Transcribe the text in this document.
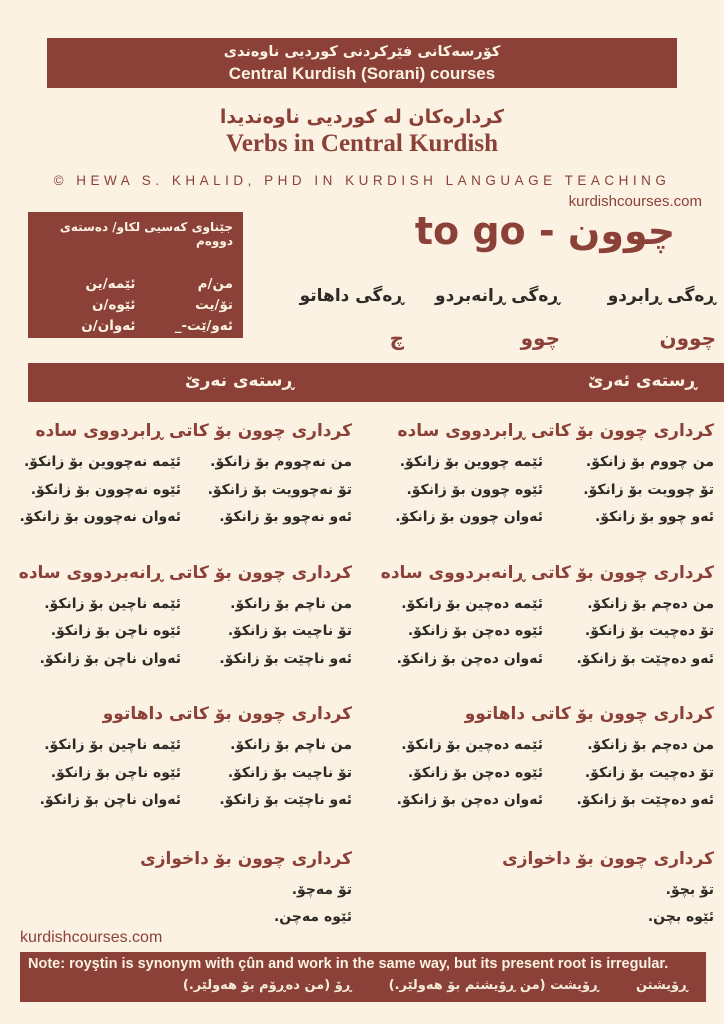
کۆرسەکانی فێرکردنی کوردیی ناوەندی
Central Kurdish (Sorani) courses
کردارەکان لە کوردیی ناوەندیدا
Verbs in Central Kurdish
© HEWA S. KHALID, PHD IN KURDISH LANGUAGE TEACHING
kurdishcourses.com
جێناوی کەسیی لکاو/ دەستەی دووەم
من/م
ئێمه/ین
تۆ/یت
ئێوه/ن
ئەو/ێت-_
ئەوان/ن
چوون - to go
ڕەگی ڕابردو
چوون
ڕەگی ڕانەبردو
چوو
ڕەگی داهاتو
چ
ڕستەی ئەرێ
ڕستەی نەرێ
کرداری چوون بۆ کاتی ڕابردووی ساده
من چووم بۆ زانکۆ.
ئێمه چووین بۆ زانکۆ.
تۆ چوویت بۆ زانکۆ.
ئێوه چوون بۆ زانکۆ.
ئەو چوو بۆ زانکۆ.
ئەوان چوون بۆ زانکۆ.
کرداری چوون بۆ کاتی ڕابردووی ساده
من نەچووم بۆ زانکۆ.
ئێمه نەچووین بۆ زانکۆ.
تۆ نەچوویت بۆ زانکۆ.
ئێوه نەچوون بۆ زانکۆ.
ئەو نەچوو بۆ زانکۆ.
ئەوان نەچوون بۆ زانکۆ.
کرداری چوون بۆ کاتی ڕانەبردووی ساده
من دەچم بۆ زانکۆ.
ئێمه دەچین بۆ زانکۆ.
تۆ دەچیت بۆ زانکۆ.
ئێوه دەچن بۆ زانکۆ.
ئەو دەچێت بۆ زانکۆ.
ئەوان دەچن بۆ زانکۆ.
کرداری چوون بۆ کاتی ڕانەبردووی ساده
من ناچم بۆ زانکۆ.
ئێمه ناچین بۆ زانکۆ.
تۆ ناچیت بۆ زانکۆ.
ئێوه ناچن بۆ زانکۆ.
ئەو ناچێت بۆ زانکۆ.
ئەوان ناچن بۆ زانکۆ.
کرداری چوون بۆ کاتی داهاتوو
من دەچم بۆ زانکۆ.
ئێمه دەچین بۆ زانکۆ.
تۆ دەچیت بۆ زانکۆ.
ئێوه دەچن بۆ زانکۆ.
ئەو دەچێت بۆ زانکۆ.
ئەوان دەچن بۆ زانکۆ.
کرداری چوون بۆ کاتی داهاتوو
من ناچم بۆ زانکۆ.
ئێمه ناچین بۆ زانکۆ.
تۆ ناچیت بۆ زانکۆ.
ئێوه ناچن بۆ زانکۆ.
ئەو ناچێت بۆ زانکۆ.
ئەوان ناچن بۆ زانکۆ.
کرداری چوون بۆ داخوازی
تۆ بچۆ.
ئێوه بچن.
کرداری چوون بۆ داخوازی
تۆ مەچۆ.
ئێوه مەچن.
kurdishcourses.com
Note: royştin is synonym with çûn and work in the same way, but its present root is irregular.
ڕۆیشتن
ڕۆیشت (من ڕۆیشتم بۆ هەولێر.)
ڕۆ (من دەڕۆم بۆ هەولێر.)
